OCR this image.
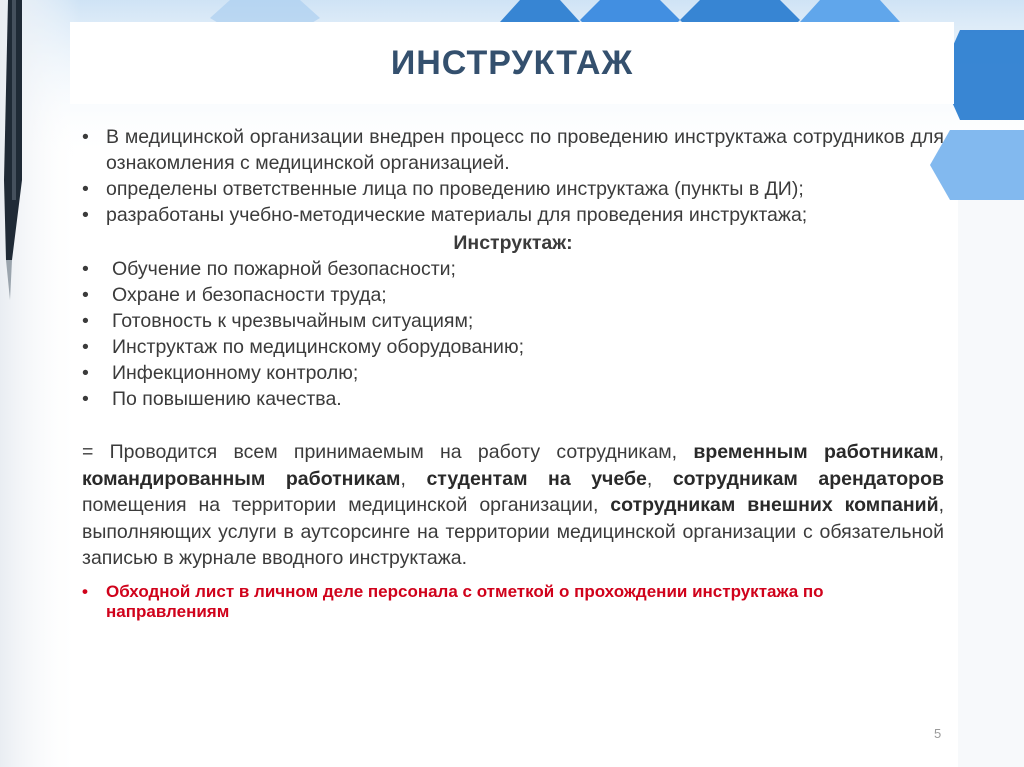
ИНСТРУКТАЖ
• В медицинской организации внедрен процесс по проведению инструктажа сотрудников для ознакомления с медицинской организацией.
• определены ответственные лица по проведению инструктажа (пункты в ДИ);
• разработаны учебно-методические материалы для проведения инструктажа;
Инструктаж:
•	Обучение по пожарной безопасности;
•	Охране и безопасности труда;
•	Готовность к чрезвычайным ситуациям;
•	Инструктаж по медицинскому оборудованию;
•	Инфекционному контролю;
•	По повышению качества.
= Проводится всем принимаемым на работу сотрудникам, временным работникам, командированным работникам, студентам на учебе, сотрудникам арендаторов помещения на территории медицинской организации, сотрудникам внешних компаний, выполняющих услуги в аутсорсинге на территории медицинской организации с обязательной записью в журнале вводного инструктажа.
•	Обходной лист в личном деле персонала с отметкой о прохождении инструктажа по направлениям
5
